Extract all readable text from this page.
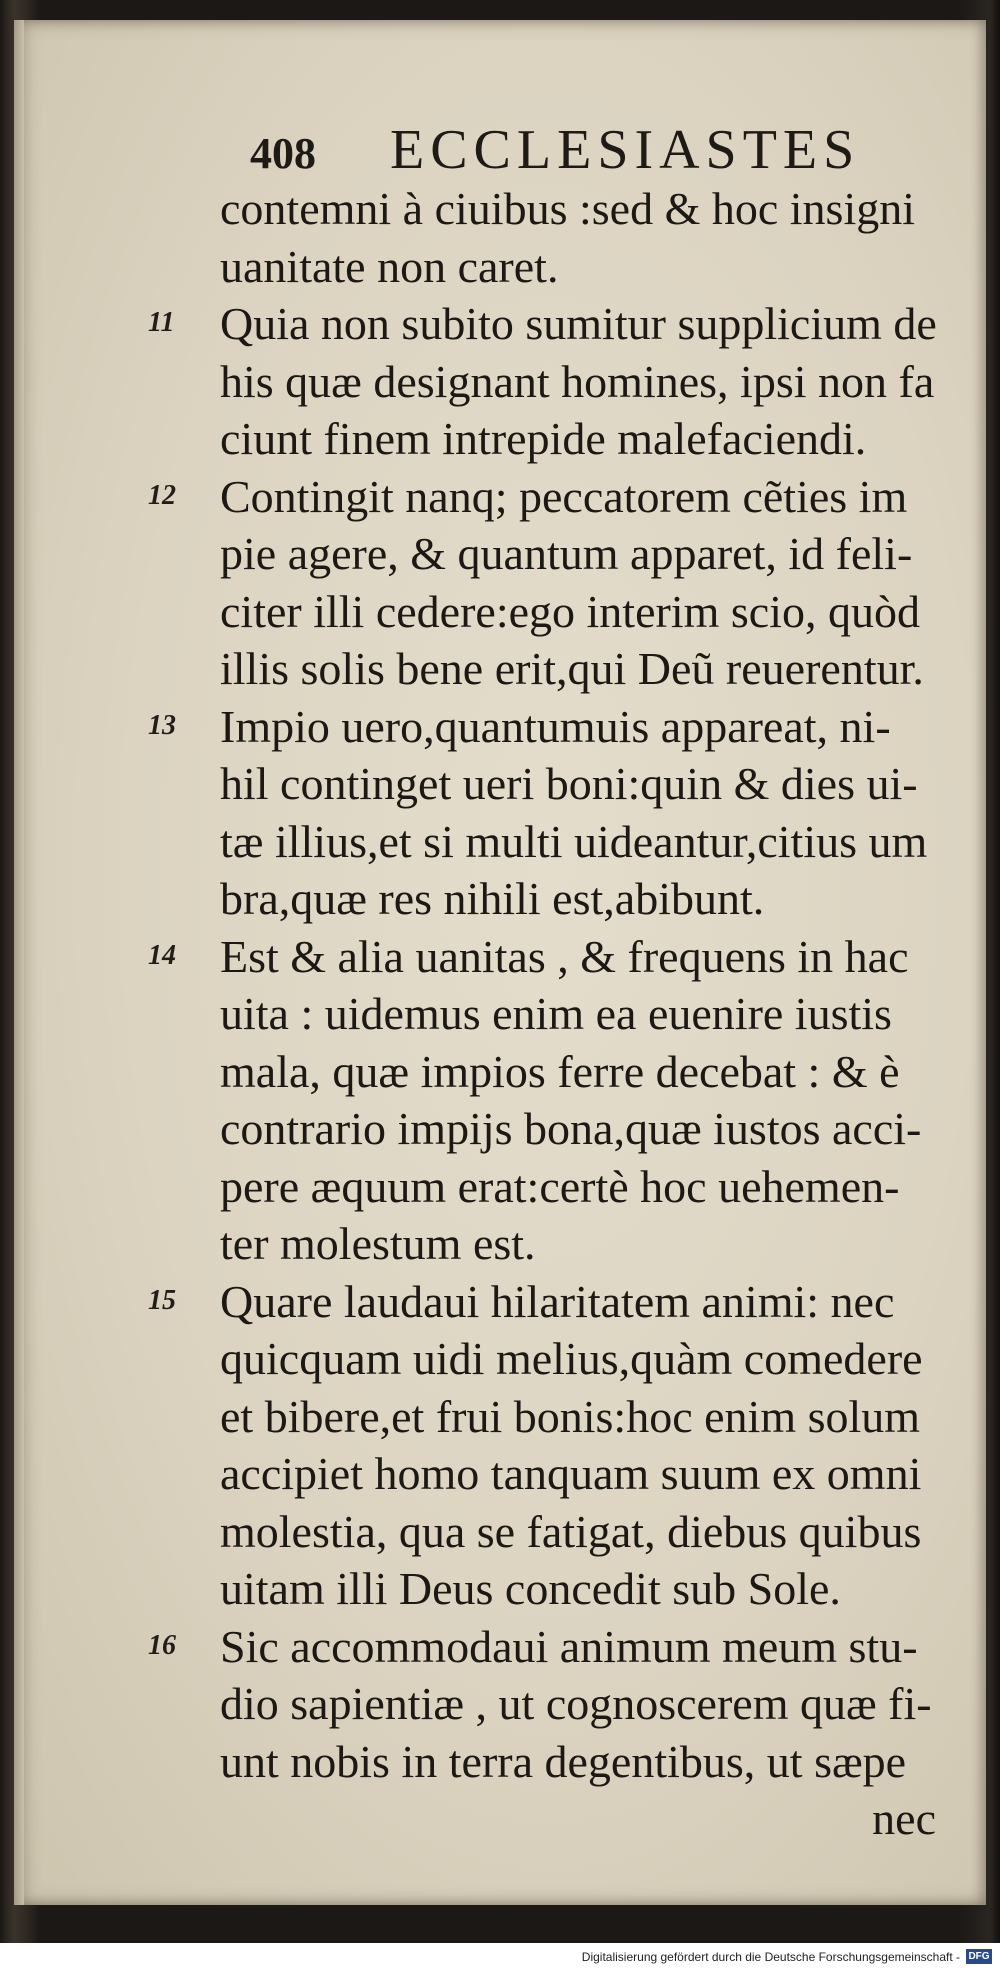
408 ECCLESIASTES
contemni à ciuibus :sed & hoc insigni
uanitate non caret.
11 Quia non subito sumitur supplicium de
his quæ designant homines, ipsi non fa
ciunt finem intrepide malefaciendi.
12 Contingit nanq; peccatorem cẽties im
pie agere, & quantum apparet, id feli-
citer illi cedere:ego interim scio, quòd
illis solis bene erit,qui Deũ reuerentur.
13 Impio uero,quantumuis appareat, ni-
hil continget ueri boni:quin & dies ui-
tæ illius,et si multi uideantur,citius um
bra,quæ res nihili est,abibunt.
14 Est & alia uanitas , & frequens in hac
uita : uidemus enim ea euenire iustis
mala, quæ impios ferre decebat : & è
contrario impijs bona,quæ iustos acci-
pere æquum erat:certè hoc uehemen-
ter molestum est.
15 Quare laudaui hilaritatem animi: nec
quicquam uidi melius,quàm comedere
et bibere,et frui bonis:hoc enim solum
accipiet homo tanquam suum ex omni
molestia, qua se fatigat, diebus quibus
uitam illi Deus concedit sub Sole.
16 Sic accommodaui animum meum stu-
dio sapientiæ , ut cognoscerem quæ fi-
unt nobis in terra degentibus, ut sæpe
nec
Digitalisierung gefördert durch die Deutsche Forschungsgemeinschaft - DFG
